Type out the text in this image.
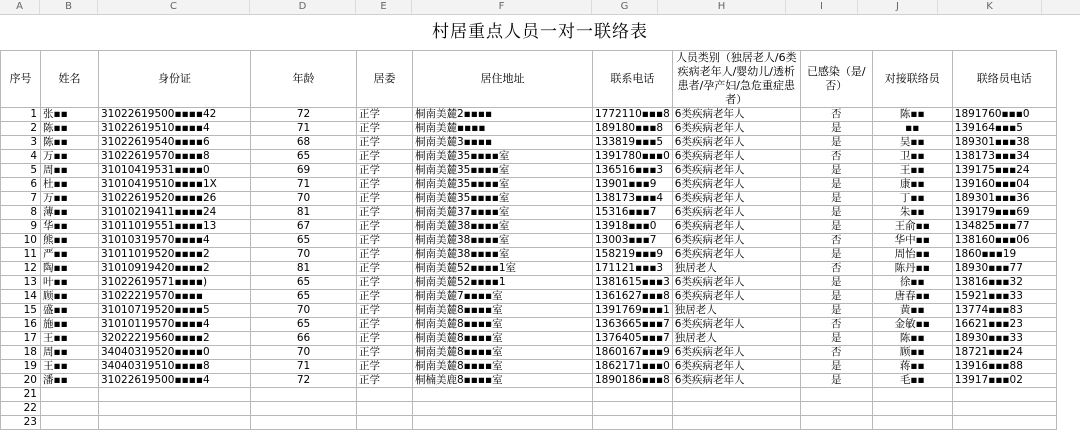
A	B	C	D	E	F	G	H	I	J	K
村居重点人员一对一联络表
序号	姓名	身份证	年龄	居委	居住地址	联系电话	人员类别（独居老人/6类疾病老年人/婴幼儿/透析患者/孕产妇/急危重症患者）	已感染（是/否）	对接联络员	联络员电话
1	张▪▪	31022619500▪▪▪▪42	72	正学	桐南美麓2▪▪▪▪	1772110▪▪▪8	6类疾病老年人	否	陈▪▪	1891760▪▪▪0
2	陈▪▪	31022619510▪▪▪▪4	71	正学	桐南美麓▪▪▪▪	189180▪▪▪8	6类疾病老年人	是	▪▪	139164▪▪▪5
3	陈▪▪	31022619540▪▪▪▪6	68	正学	桐南美麓3▪▪▪▪	133819▪▪▪5	6类疾病老年人	是	吴▪▪	189301▪▪▪38
4	万▪▪	31022619570▪▪▪▪8	65	正学	桐南美麓35▪▪▪▪室	1391780▪▪▪0	6类疾病老年人	否	卫▪▪	138173▪▪▪34
5	周▪▪	31010419531▪▪▪▪0	69	正学	桐南美麓35▪▪▪▪室	136516▪▪▪3	6类疾病老年人	是	王▪▪	139175▪▪▪24
6	杜▪▪	31010419510▪▪▪▪1X	71	正学	桐南美麓35▪▪▪▪室	13901▪▪▪9	6类疾病老年人	是	康▪▪	139160▪▪▪04
7	万▪▪	31022619520▪▪▪▪26	70	正学	桐南美麓35▪▪▪▪室	138173▪▪▪4	6类疾病老年人	是	丁▪▪	189301▪▪▪36
8	薄▪▪	31010219411▪▪▪▪24	81	正学	桐南美麓37▪▪▪▪室	15316▪▪▪7	6类疾病老年人	是	朱▪▪	139179▪▪▪69
9	华▪▪	31011019551▪▪▪▪13	67	正学	桐南美麓38▪▪▪▪室	13918▪▪▪0	6类疾病老年人	是	王俞▪▪	134825▪▪▪77
10	熊▪▪	31010319570▪▪▪▪4	65	正学	桐南美麓38▪▪▪▪室	13003▪▪▪7	6类疾病老年人	否	华中▪▪	138160▪▪▪06
11	严▪▪	31011019520▪▪▪▪2	70	正学	桐南美麓38▪▪▪▪室	158219▪▪▪9	6类疾病老年人	是	周怡▪▪	1860▪▪▪19
12	陶▪▪	31010919420▪▪▪▪2	81	正学	桐南美麓52▪▪▪▪1室	171121▪▪▪3	独居老人	否	陈丹▪▪	18930▪▪▪77
13	叶▪▪	31022619571▪▪▪▪)	65	正学	桐南美麓52▪▪▪▪1	1381615▪▪▪3	6类疾病老年人	是	徐▪▪	13816▪▪▪32
14	顾▪▪	31022219570▪▪▪▪	65	正学	桐南美麓7▪▪▪▪室	1361627▪▪▪8	6类疾病老年人	是	唐春▪▪	15921▪▪▪33
15	盛▪▪	31010719520▪▪▪▪5	70	正学	桐南美麓8▪▪▪▪室	1391769▪▪▪1	独居老人	是	黄▪▪	13774▪▪▪83
16	施▪▪	31010119570▪▪▪▪4	65	正学	桐南美麓8▪▪▪▪室	1363665▪▪▪7	6类疾病老年人	否	金敏▪▪	16621▪▪▪23
17	王▪▪	32022219560▪▪▪▪2	66	正学	桐南美麓8▪▪▪▪室	1376405▪▪▪7	独居老人	是	陈▪▪	18930▪▪▪33
18	周▪▪	34040319520▪▪▪▪0	70	正学	桐南美麓8▪▪▪▪室	1860167▪▪▪9	6类疾病老年人	否	顾▪▪	18721▪▪▪24
19	王▪▪	34040319510▪▪▪▪8	71	正学	桐南美麓8▪▪▪▪室	1862171▪▪▪0	6类疾病老年人	是	蒋▪▪	13916▪▪▪88
20	潘▪▪	31022619500▪▪▪▪4	72	正学	桐楠美鹿8▪▪▪▪室	1890186▪▪▪8	6类疾病老年人	是	毛▪▪	13917▪▪▪02
21										
22										
23										
